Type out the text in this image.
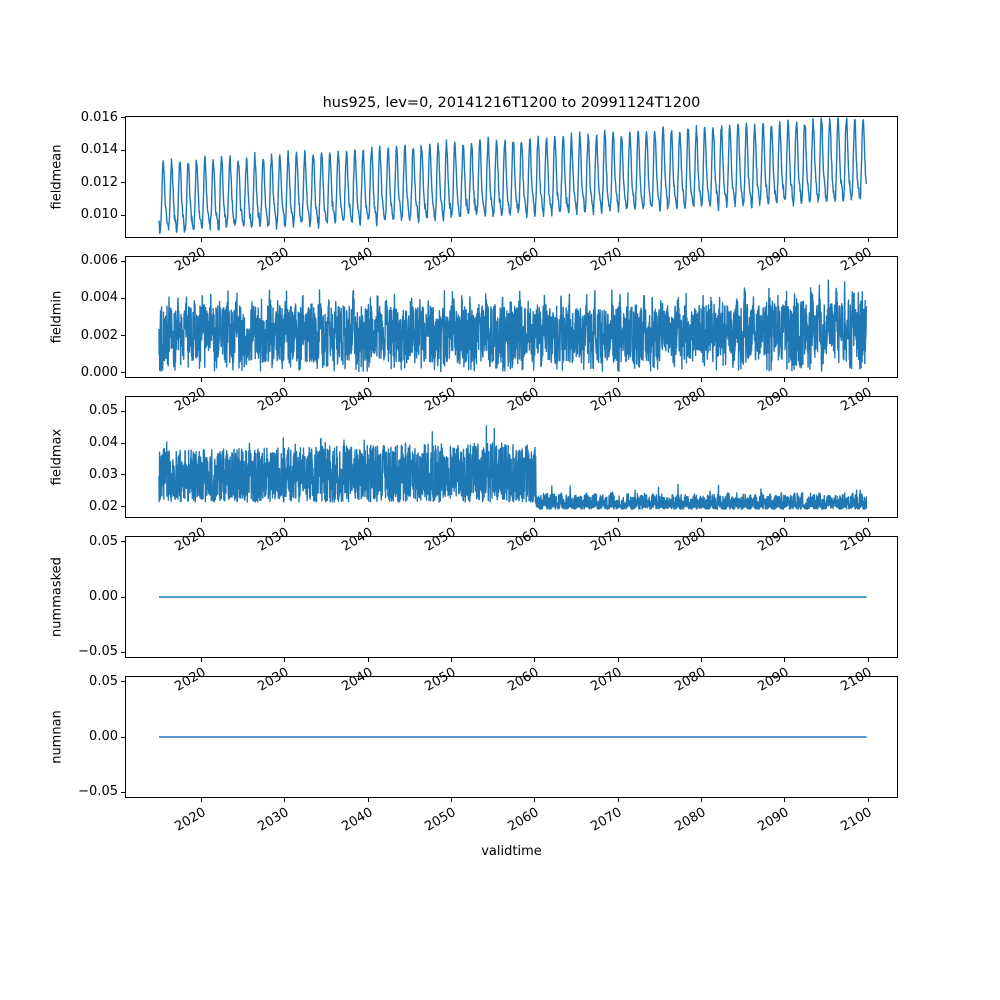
hus925, lev=0, 20141216T1200 to 20991124T1200
fieldmean
0.010
0.012
0.014
0.016
2020	2030	2040	2050	2060	2070	2080	2090	2100
fieldmin
0.000
0.002
0.004
0.006
2020	2030	2040	2050	2060	2070	2080	2090	2100
fieldmax
0.02
0.03
0.04
0.05
2020	2030	2040	2050	2060	2070	2080	2090	2100
nummasked
−0.05
0.00
0.05
2020	2030	2040	2050	2060	2070	2080	2090	2100
numnan
−0.05
0.00
0.05
2020	2030	2040	2050	2060	2070	2080	2090	2100
validtime
